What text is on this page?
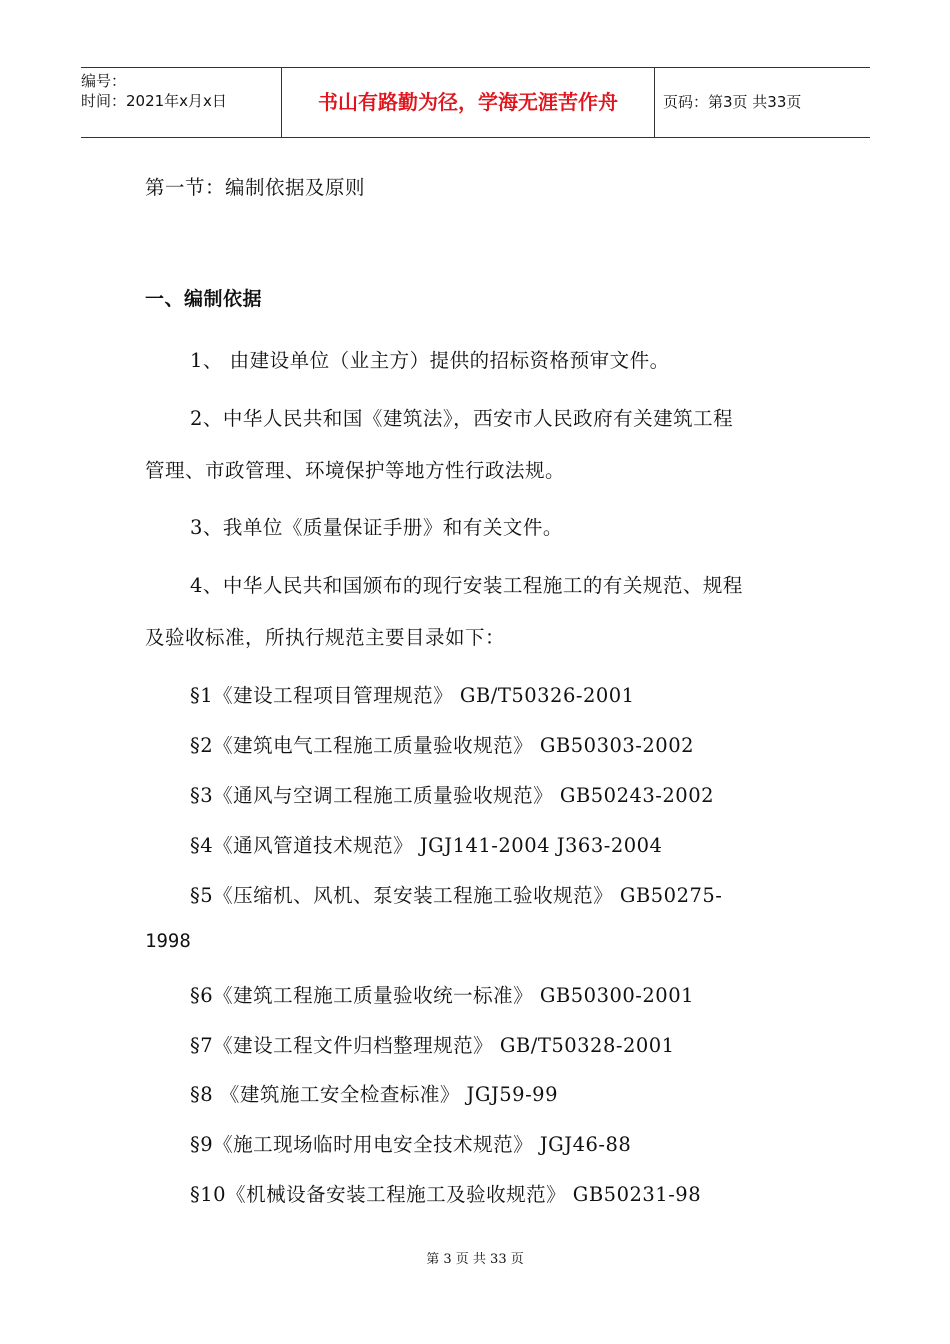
编号：
时间：2021年x月x日	书山有路勤为径，学海无涯苦作舟	页码：第3页 共33页
第一节：编制依据及原则
一、编制依据
1、 由建设单位（业主方）提供的招标资格预审文件。
2、中华人民共和国《建筑法》，西安市人民政府有关建筑工程
管理、市政管理、环境保护等地方性行政法规。
3、我单位《质量保证手册》和有关文件。
4、中华人民共和国颁布的现行安装工程施工的有关规范、规程
及验收标准，所执行规范主要目录如下：
§1《建设工程项目管理规范》 GB/T50326-2001
§2《建筑电气工程施工质量验收规范》 GB50303-2002
§3《通风与空调工程施工质量验收规范》 GB50243-2002
§4《通风管道技术规范》 JGJ141-2004 J363-2004
§5《压缩机、风机、泵安装工程施工验收规范》 GB50275-
1998
§6《建筑工程施工质量验收统一标准》 GB50300-2001
§7《建设工程文件归档整理规范》 GB/T50328-2001
§8 《建筑施工安全检查标准》 JGJ59-99
§9《施工现场临时用电安全技术规范》 JGJ46-88
§10《机械设备安装工程施工及验收规范》 GB50231-98
第 3 页 共 33 页
